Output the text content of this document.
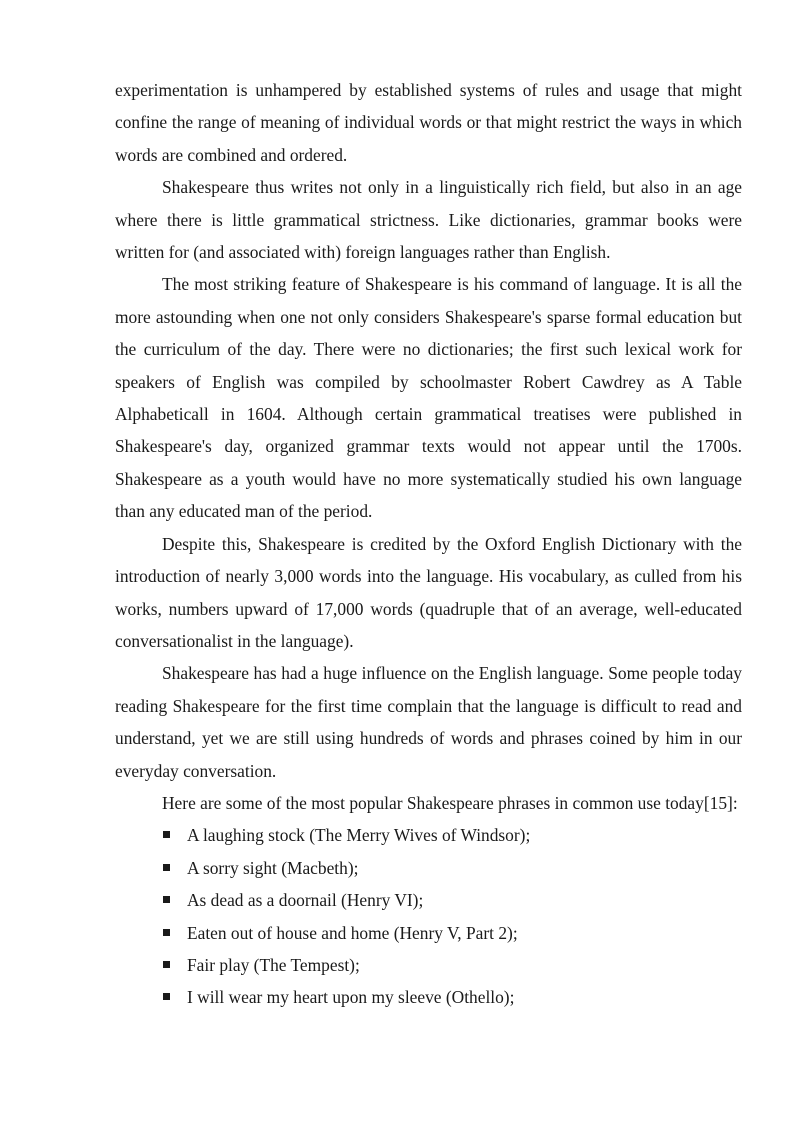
experimentation is unhampered by established systems of rules and usage that might confine the range of meaning of individual words or that might restrict the ways in which words are combined and ordered.

Shakespeare thus writes not only in a linguistically rich field, but also in an age where there is little grammatical strictness. Like dictionaries, grammar books were written for (and associated with) foreign languages rather than English.

The most striking feature of Shakespeare is his command of language. It is all the more astounding when one not only considers Shakespeare's sparse formal education but the curriculum of the day. There were no dictionaries; the first such lexical work for speakers of English was compiled by schoolmaster Robert Cawdrey as A Table Alphabeticall in 1604. Although certain grammatical treatises were published in Shakespeare's day, organized grammar texts would not appear until the 1700s. Shakespeare as a youth would have no more systematically studied his own language than any educated man of the period.

Despite this, Shakespeare is credited by the Oxford English Dictionary with the introduction of nearly 3,000 words into the language. His vocabulary, as culled from his works, numbers upward of 17,000 words (quadruple that of an average, well-educated conversationalist in the language).

Shakespeare has had a huge influence on the English language. Some people today reading Shakespeare for the first time complain that the language is difficult to read and understand, yet we are still using hundreds of words and phrases coined by him in our everyday conversation.

Here are some of the most popular Shakespeare phrases in common use today[15]:

A laughing stock (The Merry Wives of Windsor);
A sorry sight (Macbeth);
As dead as a doornail (Henry VI);
Eaten out of house and home (Henry V, Part 2);
Fair play (The Tempest);
I will wear my heart upon my sleeve (Othello);
